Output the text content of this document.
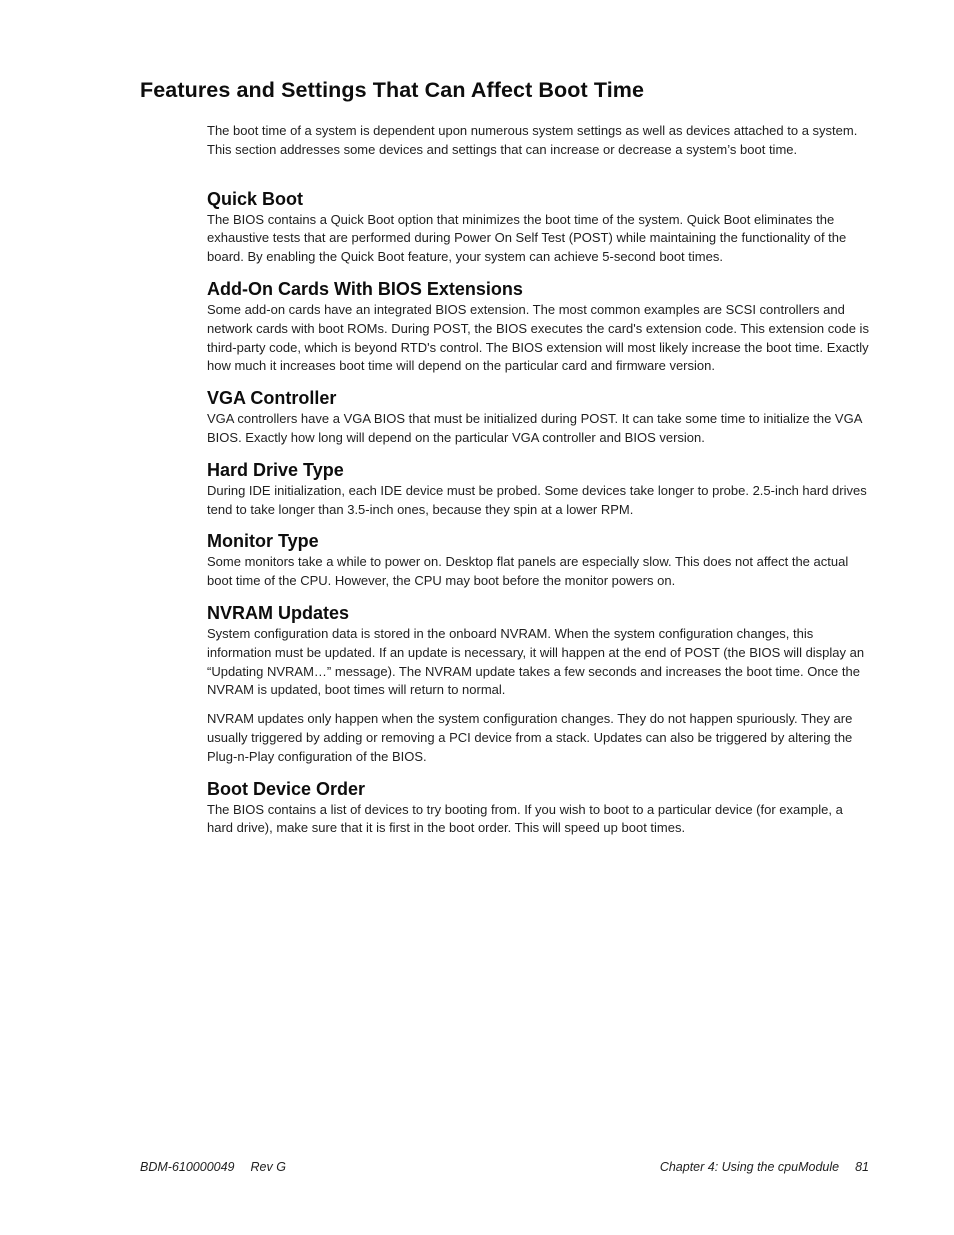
Features and Settings That Can Affect Boot Time

The boot time of a system is dependent upon numerous system settings as well as devices attached to a system. This section addresses some devices and settings that can increase or decrease a system’s boot time.

Quick Boot

The BIOS contains a Quick Boot option that minimizes the boot time of the system. Quick Boot eliminates the exhaustive tests that are performed during Power On Self Test (POST) while maintaining the functionality of the board. By enabling the Quick Boot feature, your system can achieve 5-second boot times.

Add-On Cards With BIOS Extensions

Some add-on cards have an integrated BIOS extension. The most common examples are SCSI controllers and network cards with boot ROMs. During POST, the BIOS executes the card's extension code. This extension code is third-party code, which is beyond RTD's control. The BIOS extension will most likely increase the boot time. Exactly how much it increases boot time will depend on the particular card and firmware version.

VGA Controller

VGA controllers have a VGA BIOS that must be initialized during POST. It can take some time to initialize the VGA BIOS. Exactly how long will depend on the particular VGA controller and BIOS version.

Hard Drive Type

During IDE initialization, each IDE device must be probed. Some devices take longer to probe. 2.5-inch hard drives tend to take longer than 3.5-inch ones, because they spin at a lower RPM.

Monitor Type

Some monitors take a while to power on. Desktop flat panels are especially slow. This does not affect the actual boot time of the CPU. However, the CPU may boot before the monitor powers on.

NVRAM Updates

System configuration data is stored in the onboard NVRAM. When the system configuration changes, this information must be updated. If an update is necessary, it will happen at the end of POST (the BIOS will display an “Updating NVRAM…” message). The NVRAM update takes a few seconds and increases the boot time. Once the NVRAM is updated, boot times will return to normal.

NVRAM updates only happen when the system configuration changes. They do not happen spuriously. They are usually triggered by adding or removing a PCI device from a stack. Updates can also be triggered by altering the Plug-n-Play configuration of the BIOS.

Boot Device Order

The BIOS contains a list of devices to try booting from. If you wish to boot to a particular device (for example, a hard drive), make sure that it is first in the boot order. This will speed up boot times.

BDM-610000049 Rev G	Chapter 4: Using the cpuModule 81
